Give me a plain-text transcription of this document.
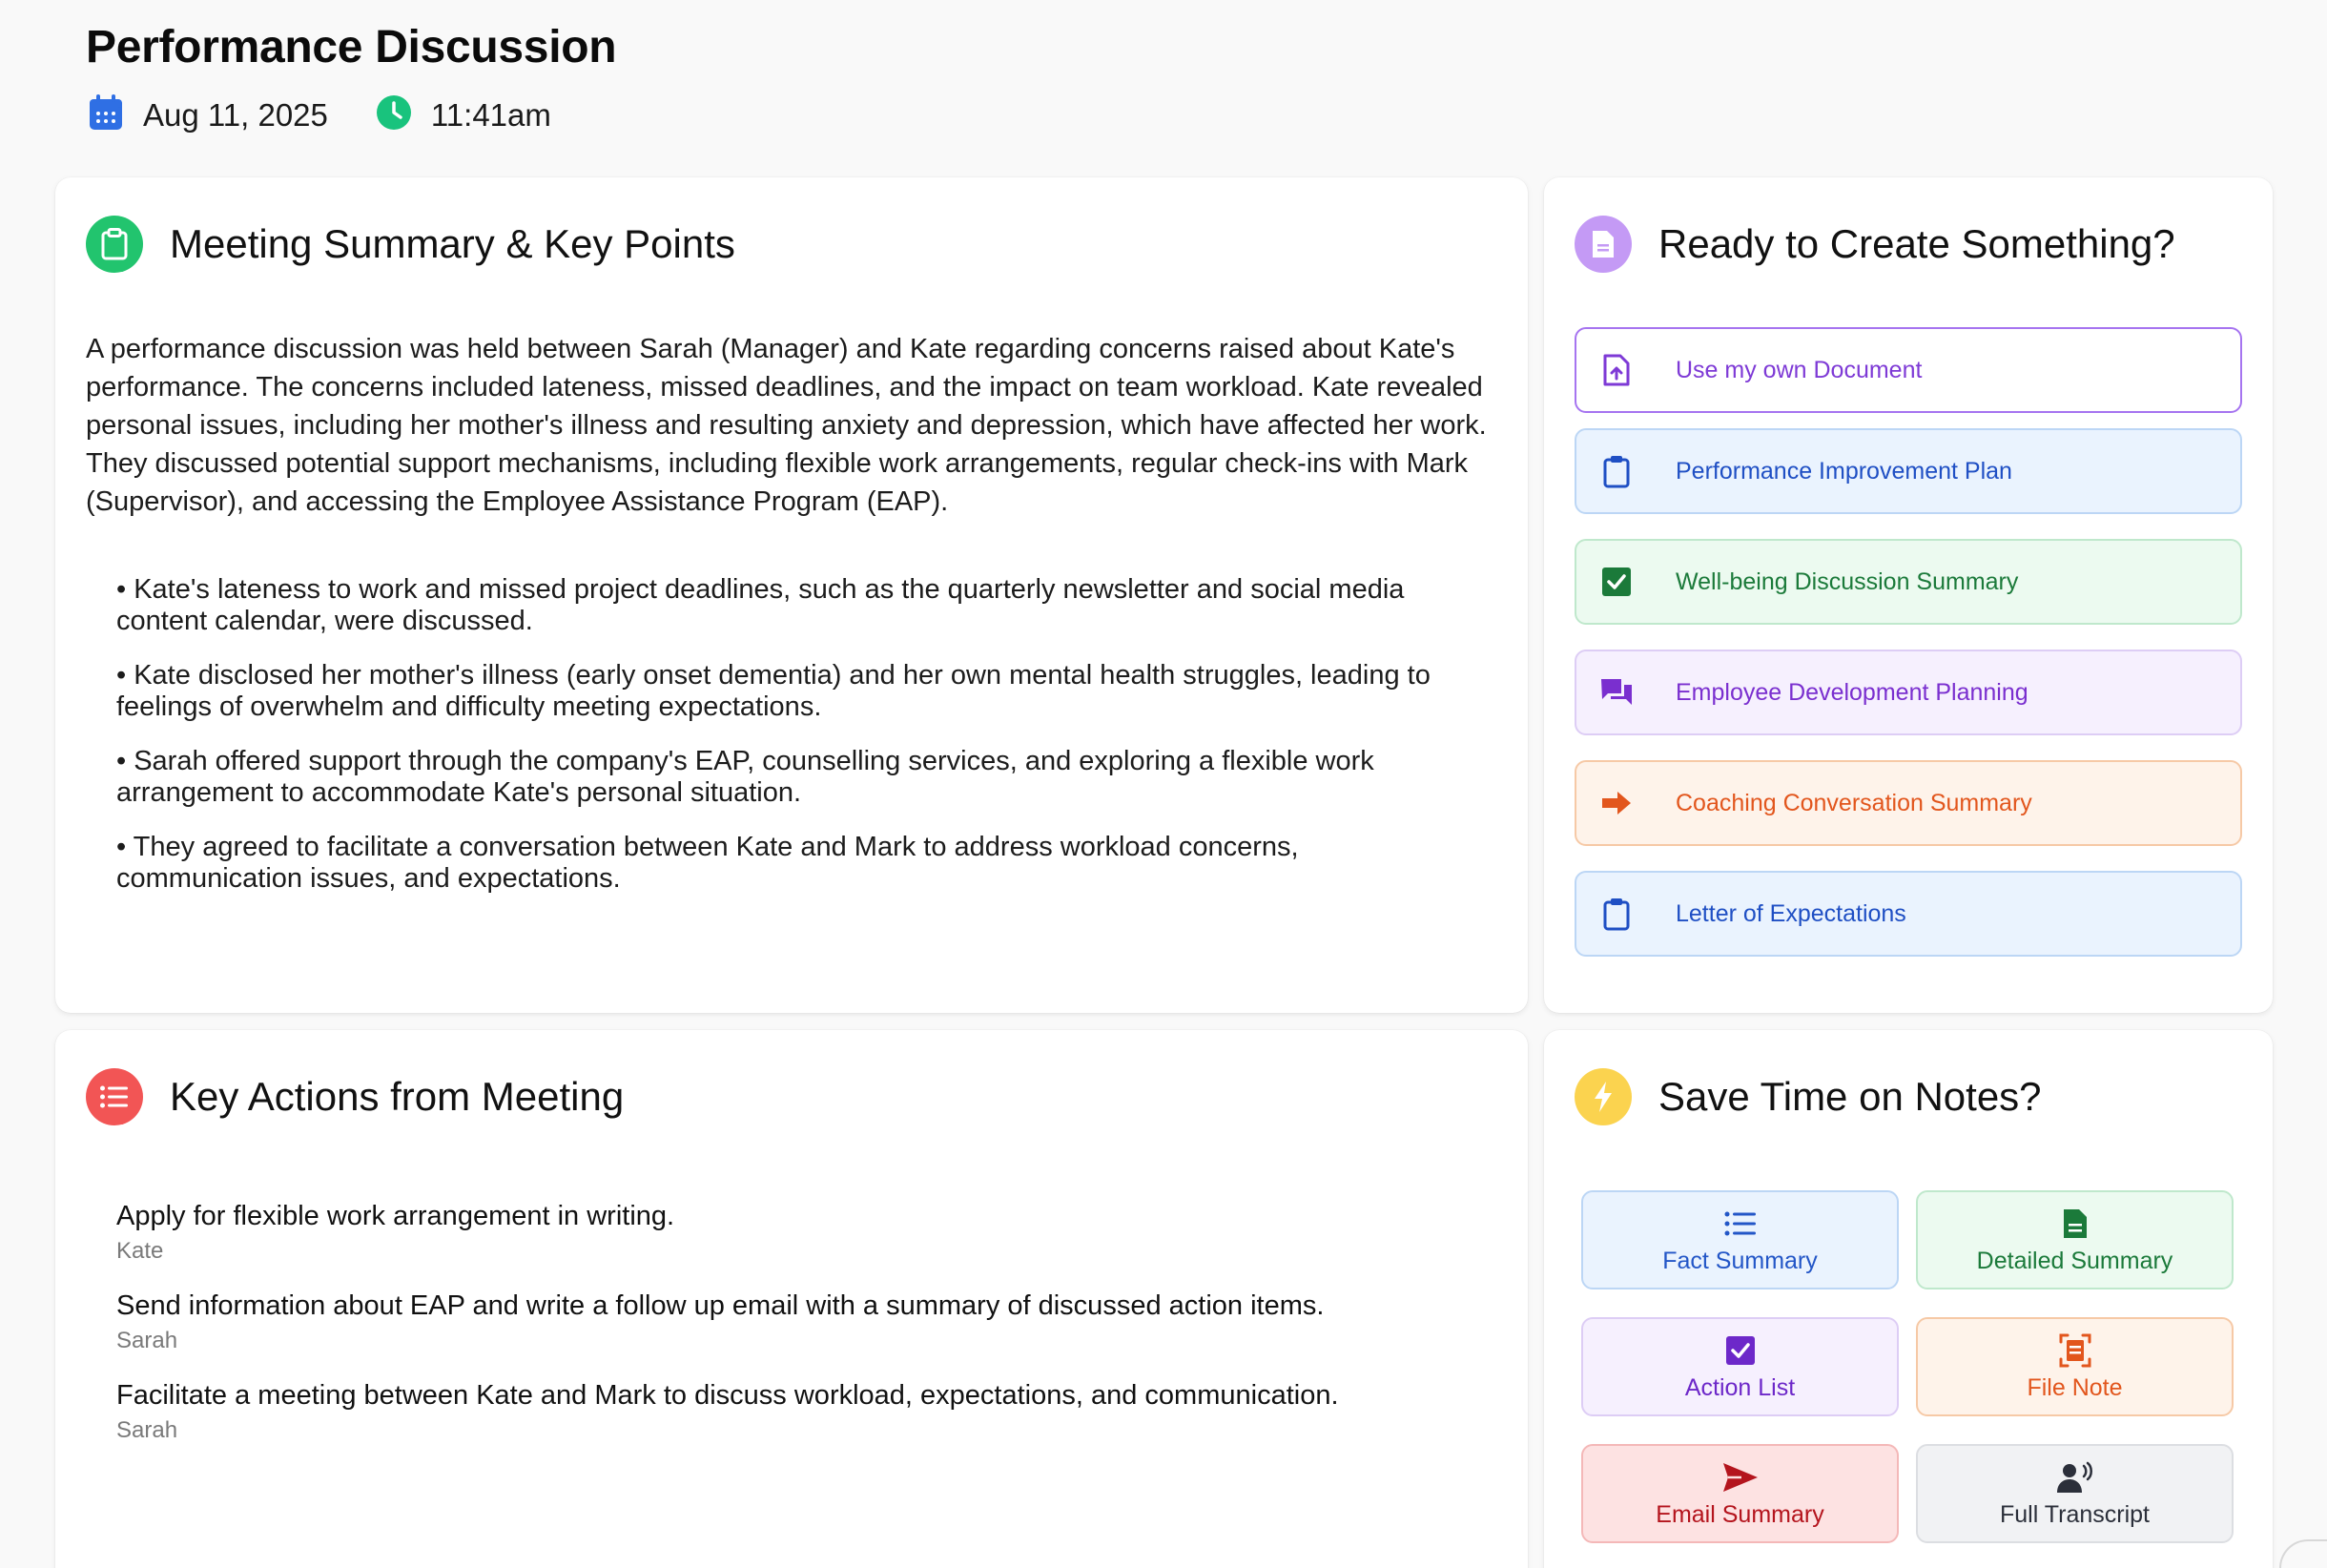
Performance Discussion
Aug 11, 2025	11:41am
Meeting Summary & Key Points

A performance discussion was held between Sarah (Manager) and Kate regarding concerns raised about Kate's performance. The concerns included lateness, missed deadlines, and the impact on team workload. Kate revealed personal issues, including her mother's illness and resulting anxiety and depression, which have affected her work. They discussed potential support mechanisms, including flexible work arrangements, regular check-ins with Mark (Supervisor), and accessing the Employee Assistance Program (EAP).

• Kate's lateness to work and missed project deadlines, such as the quarterly newsletter and social media content calendar, were discussed.
• Kate disclosed her mother's illness (early onset dementia) and her own mental health struggles, leading to feelings of overwhelm and difficulty meeting expectations.
• Sarah offered support through the company's EAP, counselling services, and exploring a flexible work arrangement to accommodate Kate's personal situation.
• They agreed to facilitate a conversation between Kate and Mark to address workload concerns, communication issues, and expectations.
Ready to Create Something?
Use my own Document
Performance Improvement Plan
Well-being Discussion Summary
Employee Development Planning
Coaching Conversation Summary
Letter of Expectations
Key Actions from Meeting
Apply for flexible work arrangement in writing.
Kate
Send information about EAP and write a follow up email with a summary of discussed action items.
Sarah
Facilitate a meeting between Kate and Mark to discuss workload, expectations, and communication.
Sarah
Save Time on Notes?
Fact Summary	Detailed Summary
Action List	File Note
Email Summary	Full Transcript
